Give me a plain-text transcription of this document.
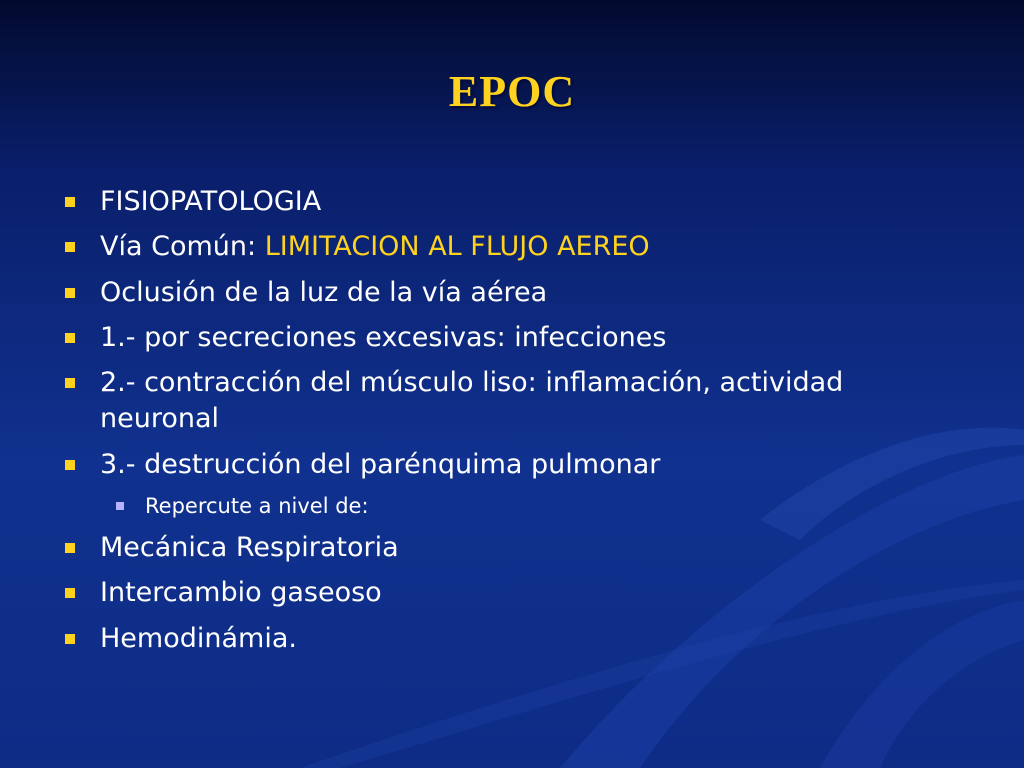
EPOC
FISIOPATOLOGIA
Vía Común: LIMITACION AL FLUJO AEREO
Oclusión de la luz de la vía aérea
1.- por secreciones excesivas: infecciones
2.- contracción del músculo liso: inflamación, actividad
neuronal
3.- destrucción del parénquima pulmonar
Repercute a nivel de:
Mecánica Respiratoria
Intercambio gaseoso
Hemodinámia.
